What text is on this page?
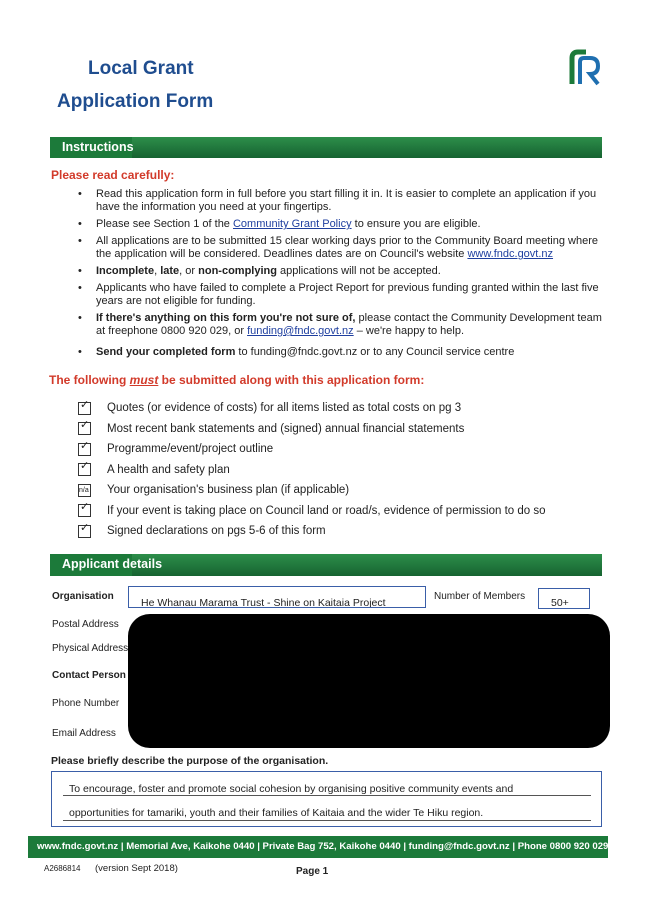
Local Grant
Application Form
Instructions
Please read carefully:
• Read this application form in full before you start filling it in. It is easier to complete an application if you have the information you need at your fingertips.
• Please see Section 1 of the Community Grant Policy to ensure you are eligible.
• All applications are to be submitted 15 clear working days prior to the Community Board meeting where the application will be considered. Deadlines dates are on Council's website www.fndc.govt.nz
• Incomplete, late, or non-complying applications will not be accepted.
• Applicants who have failed to complete a Project Report for previous funding granted within the last five years are not eligible for funding.
• If there's anything on this form you're not sure of, please contact the Community Development team at freephone 0800 920 029, or funding@fndc.govt.nz – we're happy to help.
• Send your completed form to funding@fndc.govt.nz or to any Council service centre
The following must be submitted along with this application form:
✓
Quotes (or evidence of costs) for all items listed as total costs on pg 3
✓
Most recent bank statements and (signed) annual financial statements
✓
Programme/event/project outline
✓
A health and safety plan
n/a
Your organisation's business plan (if applicable)
✓
If your event is taking place on Council land or road/s, evidence of permission to do so
✓
Signed declarations on pgs 5-6 of this form
Applicant details
Organisation
He Whanau Marama Trust - Shine on Kaitaia Project
Number of Members
50+
Postal Address
Physical Address
Contact Person
Phone Number
Email Address
Please briefly describe the purpose of the organisation.
To encourage, foster and promote social cohesion by organising positive community events and
opportunities for tamariki, youth and their families of Kaitaia and the wider Te Hiku region.
www.fndc.govt.nz | Memorial Ave, Kaikohe 0440 | Private Bag 752, Kaikohe 0440 | funding@fndc.govt.nz | Phone 0800 920 029
A2686814 (version Sept 2018)	Page 1
